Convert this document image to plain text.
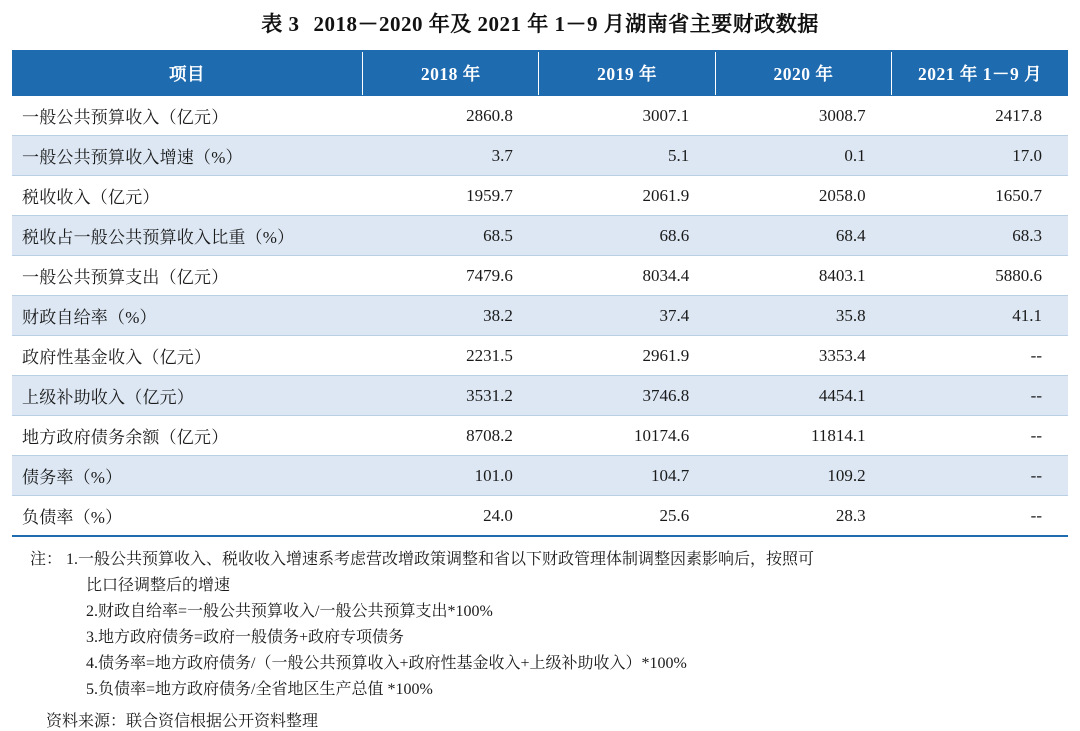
表 3 2018－2020 年及 2021 年 1－9 月湖南省主要财政数据
项目	2018 年	2019 年	2020 年	2021 年 1－9 月
一般公共预算收入（亿元）	2860.8	3007.1	3008.7	2417.8
一般公共预算收入增速（%）	3.7	5.1	0.1	17.0
税收收入（亿元）	1959.7	2061.9	2058.0	1650.7
税收占一般公共预算收入比重（%）	68.5	68.6	68.4	68.3
一般公共预算支出（亿元）	7479.6	8034.4	8403.1	5880.6
财政自给率（%）	38.2	37.4	35.8	41.1
政府性基金收入（亿元）	2231.5	2961.9	3353.4	--
上级补助收入（亿元）	3531.2	3746.8	4454.1	--
地方政府债务余额（亿元）	8708.2	10174.6	11814.1	--
债务率（%）	101.0	104.7	109.2	--
负债率（%）	24.0	25.6	28.3	--
注： 1. 一般公共预算收入、税收收入增速系考虑营改增政策调整和省以下财政管理体制调整因素影响后，按照可
比口径调整后的增速
2.财政自给率=一般公共预算收入/一般公共预算支出*100%
3.地方政府债务=政府一般债务+政府专项债务
4.债务率=地方政府债务/（一般公共预算收入+政府性基金收入+上级补助收入）*100%
5.负债率=地方政府债务/全省地区生产总值 *100%
资料来源：联合资信根据公开资料整理
